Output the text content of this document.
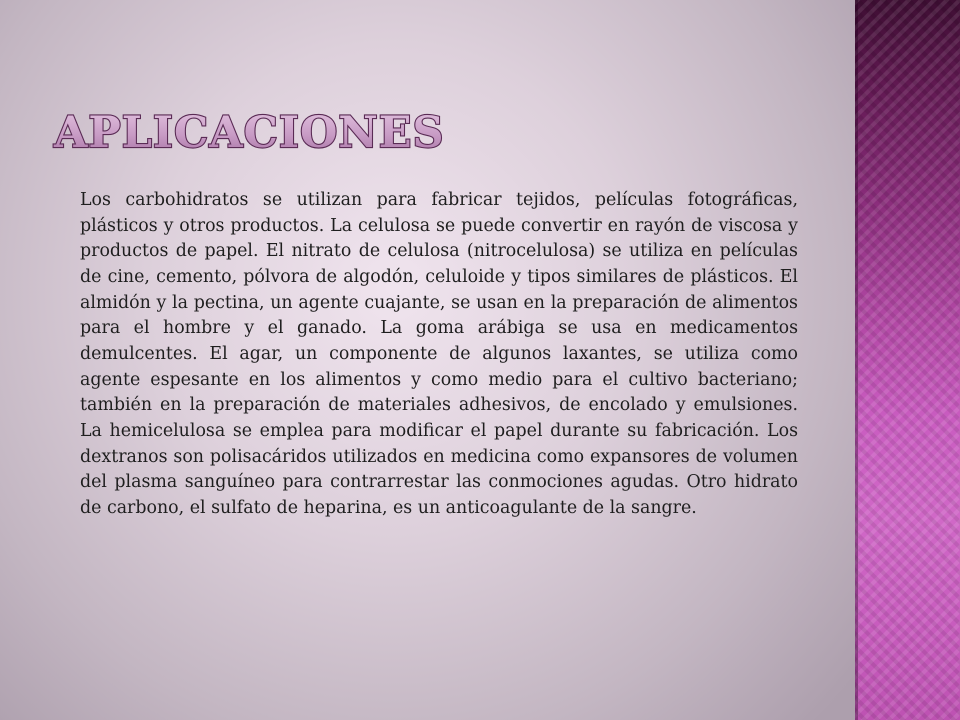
APLICACIONES

Los carbohidratos se utilizan para fabricar tejidos, películas fotográficas, plásticos y otros productos. La celulosa se puede convertir en rayón de viscosa y productos de papel. El nitrato de celulosa (nitrocelulosa) se utiliza en películas de cine, cemento, pólvora de algodón, celuloide y tipos similares de plásticos. El almidón y la pectina, un agente cuajante, se usan en la preparación de alimentos para el hombre y el ganado. La goma arábiga se usa en medicamentos demulcentes. El agar, un componente de algunos laxantes, se utiliza como agente espesante en los alimentos y como medio para el cultivo bacteriano; también en la preparación de materiales adhesivos, de encolado y emulsiones. La hemicelulosa se emplea para modificar el papel durante su fabricación. Los dextranos son polisacáridos utilizados en medicina como expansores de volumen del plasma sanguíneo para contrarrestar las conmociones agudas. Otro hidrato de carbono, el sulfato de heparina, es un anticoagulante de la sangre.
